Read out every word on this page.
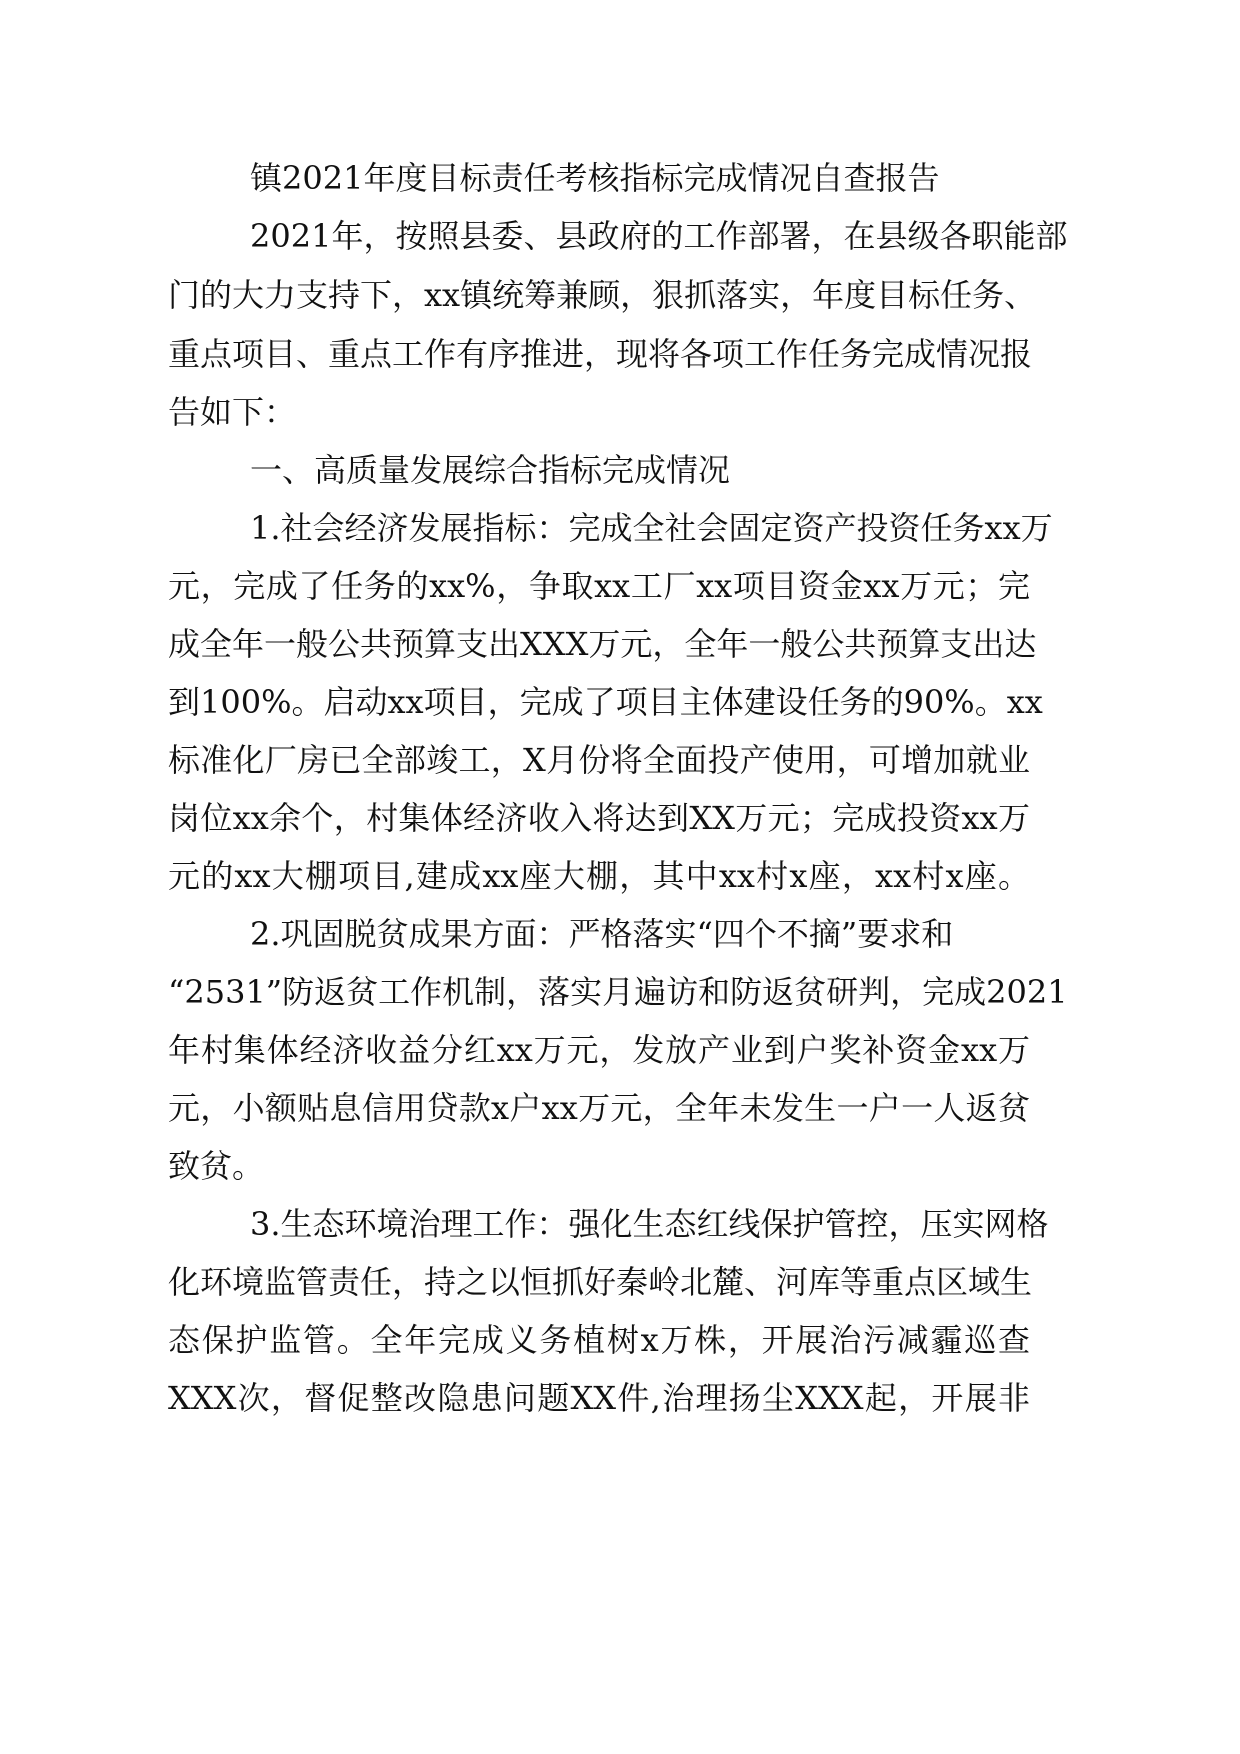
镇2021年度目标责任考核指标完成情况自查报告

2021年，按照县委、县政府的工作部署，在县级各职能部

门的大力支持下，xx镇统筹兼顾，狠抓落实，年度目标任务、

重点项目、重点工作有序推进，现将各项工作任务完成情况报

告如下：

一、高质量发展综合指标完成情况

1.社会经济发展指标：完成全社会固定资产投资任务xx万

元，完成了任务的xx%，争取xx工厂xx项目资金xx万元；完

成全年一般公共预算支出XXX万元，全年一般公共预算支出达

到100%。启动xx项目，完成了项目主体建设任务的90%。xx

标准化厂房已全部竣工，X月份将全面投产使用，可增加就业

岗位xx余个，村集体经济收入将达到XX万元；完成投资xx万

元的xx大棚项目,建成xx座大棚，其中xx村x座，xx村x座。

2.巩固脱贫成果方面：严格落实“四个不摘”要求和

“2531”防返贫工作机制，落实月遍访和防返贫研判，完成2021

年村集体经济收益分红xx万元，发放产业到户奖补资金xx万

元，小额贴息信用贷款x户xx万元，全年未发生一户一人返贫

致贫。

3.生态环境治理工作：强化生态红线保护管控，压实网格

化环境监管责任，持之以恒抓好秦岭北麓、河库等重点区域生

态保护监管。全年完成义务植树x万株，开展治污减霾巡查

XXX次，督促整改隐患问题XX件,治理扬尘XXX起，开展非
